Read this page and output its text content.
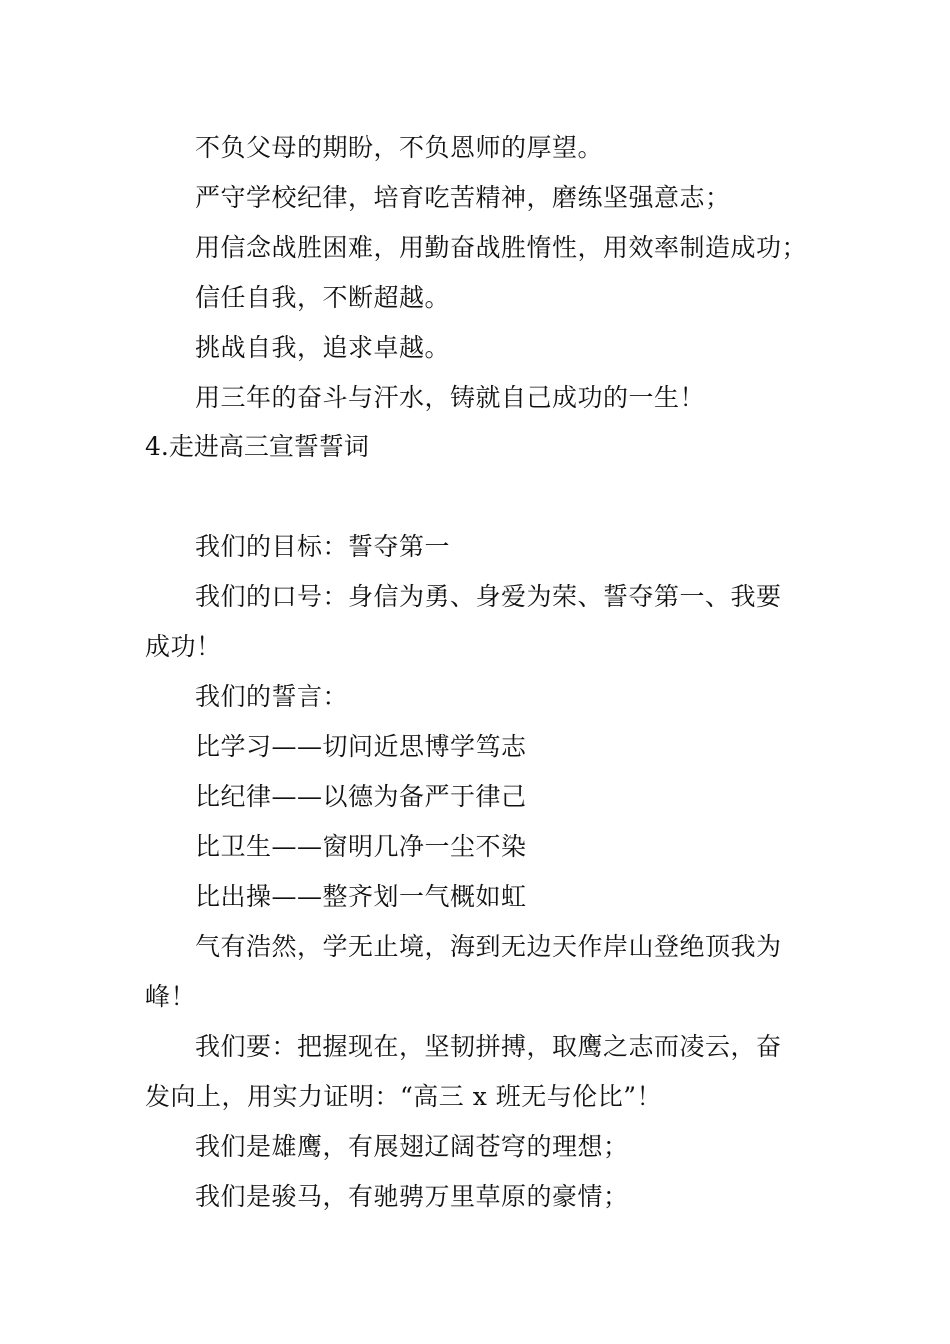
不负父母的期盼，不负恩师的厚望。
严守学校纪律，培育吃苦精神，磨练坚强意志；
用信念战胜困难，用勤奋战胜惰性，用效率制造成功；
信任自我，不断超越。
挑战自我，追求卓越。
用三年的奋斗与汗水，铸就自己成功的一生！
4.走进高三宣誓誓词
我们的目标：誓夺第一
我们的口号：身信为勇、身爱为荣、誓夺第一、我要
成功！
我们的誓言：
比学习——切问近思博学笃志
比纪律——以德为备严于律己
比卫生——窗明几净一尘不染
比出操——整齐划一气概如虹
气有浩然，学无止境，海到无边天作岸山登绝顶我为
峰！
我们要：把握现在，坚韧拼搏，取鹰之志而凌云，奋
发向上，用实力证明：“高三 x 班无与伦比”！
我们是雄鹰，有展翅辽阔苍穹的理想；
我们是骏马，有驰骋万里草原的豪情；
